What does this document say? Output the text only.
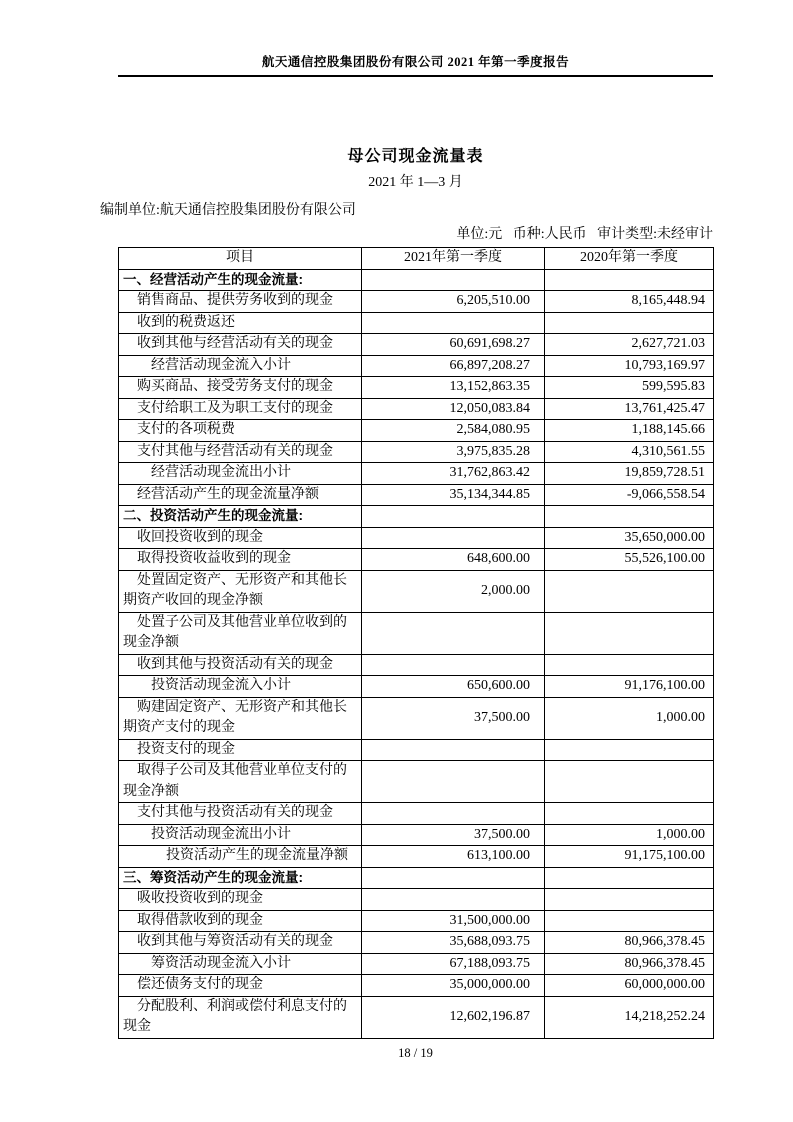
航天通信控股集团股份有限公司 2021 年第一季度报告
母公司现金流量表
2021 年 1—3 月
编制单位:航天通信控股集团股份有限公司
单位:元   币种:人民币   审计类型:未经审计
项目	2021年第一季度	2020年第一季度
一、经营活动产生的现金流量:		
销售商品、提供劳务收到的现金	6,205,510.00	8,165,448.94
收到的税费返还		
收到其他与经营活动有关的现金	60,691,698.27	2,627,721.03
经营活动现金流入小计	66,897,208.27	10,793,169.97
购买商品、接受劳务支付的现金	13,152,863.35	599,595.83
支付给职工及为职工支付的现金	12,050,083.84	13,761,425.47
支付的各项税费	2,584,080.95	1,188,145.66
支付其他与经营活动有关的现金	3,975,835.28	4,310,561.55
经营活动现金流出小计	31,762,863.42	19,859,728.51
经营活动产生的现金流量净额	35,134,344.85	-9,066,558.54
二、投资活动产生的现金流量:		
收回投资收到的现金		35,650,000.00
取得投资收益收到的现金	648,600.00	55,526,100.00
处置固定资产、无形资产和其他长期资产收回的现金净额	2,000.00	
处置子公司及其他营业单位收到的现金净额		
收到其他与投资活动有关的现金		
投资活动现金流入小计	650,600.00	91,176,100.00
购建固定资产、无形资产和其他长期资产支付的现金	37,500.00	1,000.00
投资支付的现金		
取得子公司及其他营业单位支付的现金净额		
支付其他与投资活动有关的现金		
投资活动现金流出小计	37,500.00	1,000.00
投资活动产生的现金流量净额	613,100.00	91,175,100.00
三、筹资活动产生的现金流量:		
吸收投资收到的现金		
取得借款收到的现金	31,500,000.00	
收到其他与筹资活动有关的现金	35,688,093.75	80,966,378.45
筹资活动现金流入小计	67,188,093.75	80,966,378.45
偿还债务支付的现金	35,000,000.00	60,000,000.00
分配股利、利润或偿付利息支付的现金	12,602,196.87	14,218,252.24
18 / 19
